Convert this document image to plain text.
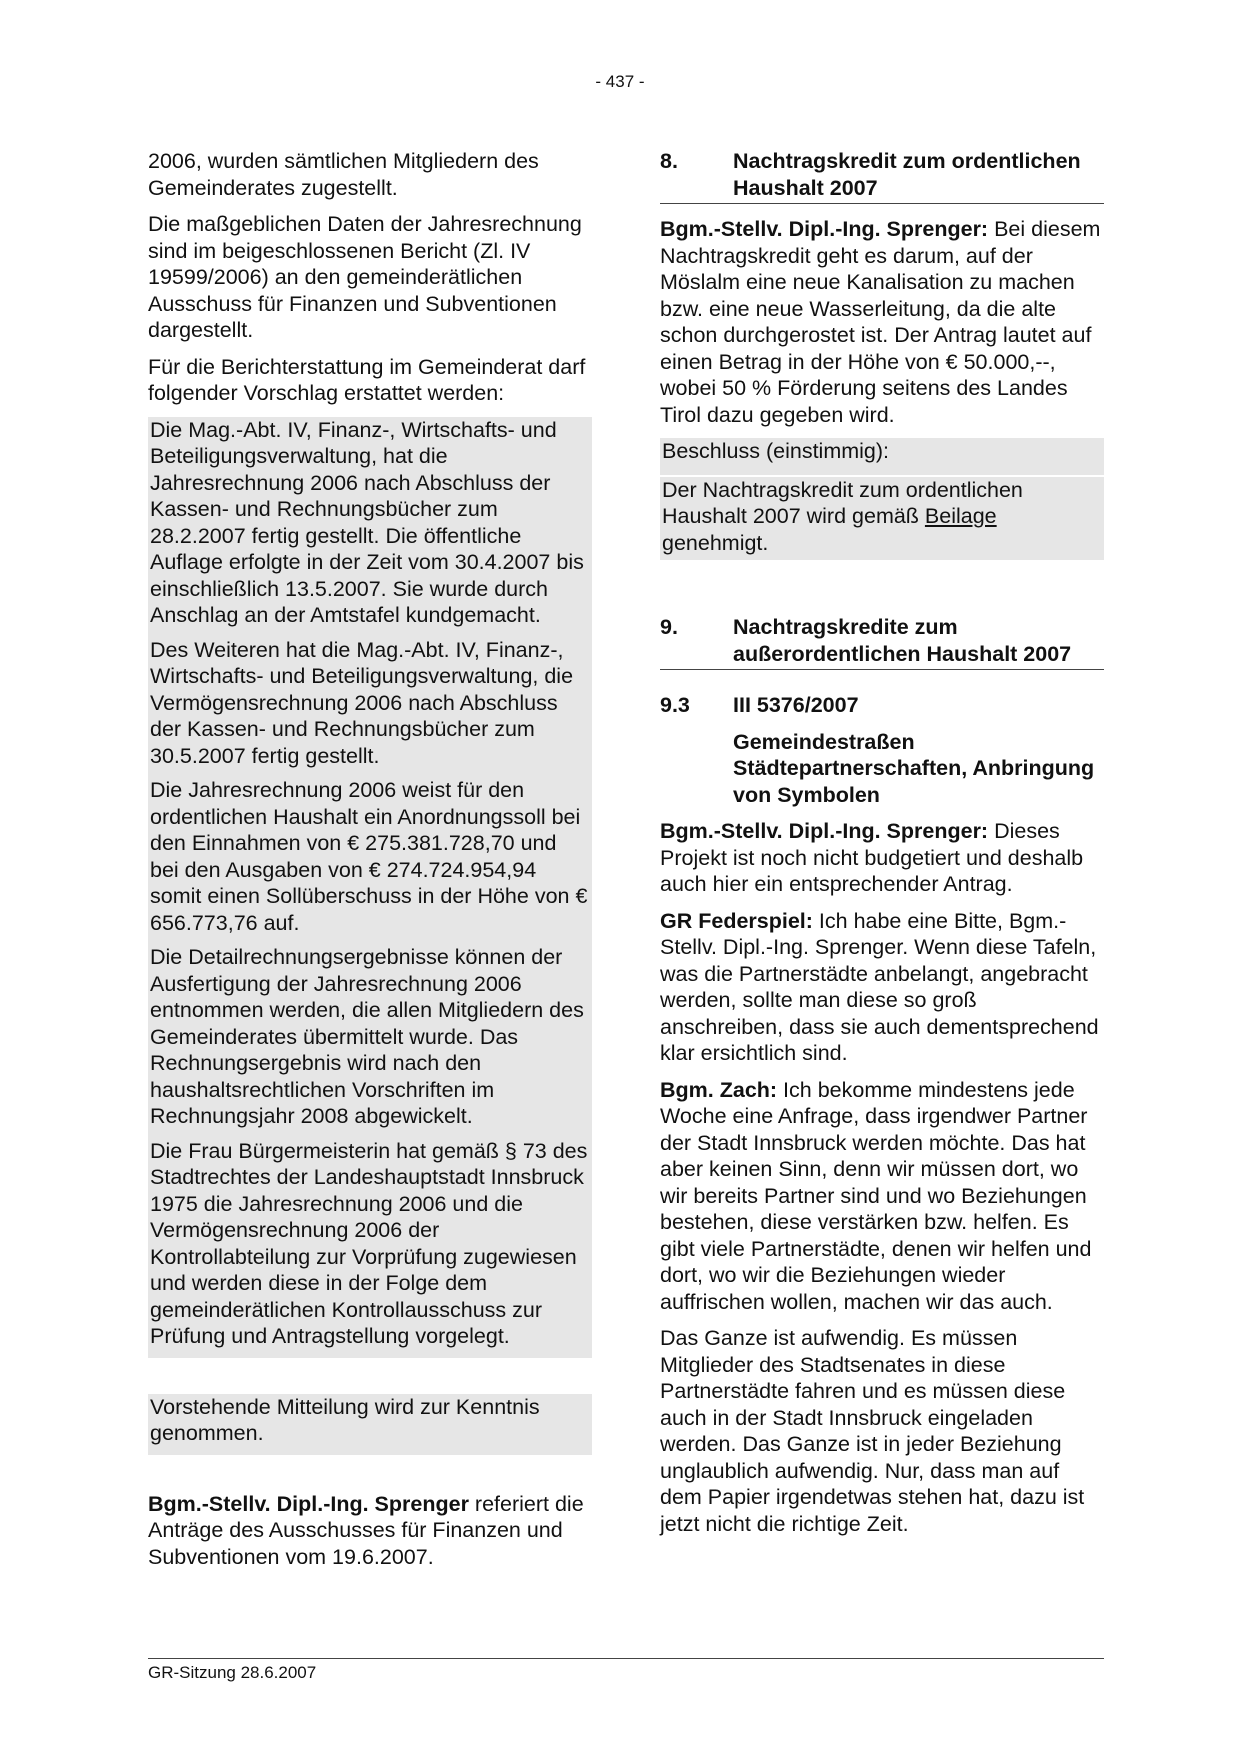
- 437 -

2006, wurden sämtlichen Mitgliedern des Gemeinderates zugestellt.

Die maßgeblichen Daten der Jahresrechnung sind im beigeschlossenen Bericht (Zl. IV 19599/2006) an den gemeinderätlichen Ausschuss für Finanzen und Subventionen dargestellt.

Für die Berichterstattung im Gemeinderat darf folgender Vorschlag erstattet werden:

Die Mag.-Abt. IV, Finanz-, Wirtschafts- und Beteiligungsverwaltung, hat die Jahresrechnung 2006 nach Abschluss der Kassen- und Rechnungsbücher zum 28.2.2007 fertig gestellt. Die öffentliche Auflage erfolgte in der Zeit vom 30.4.2007 bis einschließlich 13.5.2007. Sie wurde durch Anschlag an der Amtstafel kundgemacht.

Des Weiteren hat die Mag.-Abt. IV, Finanz-, Wirtschafts- und Beteiligungsverwaltung, die Vermögensrechnung 2006 nach Abschluss der Kassen- und Rechnungsbücher zum 30.5.2007 fertig gestellt.

Die Jahresrechnung 2006 weist für den ordentlichen Haushalt ein Anordnungssoll bei den Einnahmen von € 275.381.728,70 und bei den Ausgaben von € 274.724.954,94 somit einen Sollüberschuss in der Höhe von € 656.773,76 auf.

Die Detailrechnungsergebnisse können der Ausfertigung der Jahresrechnung 2006 entnommen werden, die allen Mitgliedern des Gemeinderates übermittelt wurde. Das Rechnungsergebnis wird nach den haushaltsrechtlichen Vorschriften im Rechnungsjahr 2008 abgewickelt.

Die Frau Bürgermeisterin hat gemäß § 73 des Stadtrechtes der Landeshauptstadt Innsbruck 1975 die Jahresrechnung 2006 und die Vermögensrechnung 2006 der Kontrollabteilung zur Vorprüfung zugewiesen und werden diese in der Folge dem gemeinderätlichen Kontrollausschuss zur Prüfung und Antragstellung vorgelegt.

Vorstehende Mitteilung wird zur Kenntnis genommen.

Bgm.-Stellv. Dipl.-Ing. Sprenger referiert die Anträge des Ausschusses für Finanzen und Subventionen vom 19.6.2007.

8.	Nachtragskredit zum ordentlichen Haushalt 2007

Bgm.-Stellv. Dipl.-Ing. Sprenger: Bei diesem Nachtragskredit geht es darum, auf der Möslalm eine neue Kanalisation zu machen bzw. eine neue Wasserleitung, da die alte schon durchgerostet ist. Der Antrag lautet auf einen Betrag in der Höhe von € 50.000,--, wobei 50 % Förderung seitens des Landes Tirol dazu gegeben wird.

Beschluss (einstimmig):

Der Nachtragskredit zum ordentlichen Haushalt 2007 wird gemäß Beilage genehmigt.

9.	Nachtragskredite zum außerordentlichen Haushalt 2007
9.3	III 5376/2007
Gemeindestraßen Städtepartnerschaften, Anbringung von Symbolen

Bgm.-Stellv. Dipl.-Ing. Sprenger: Dieses Projekt ist noch nicht budgetiert und deshalb auch hier ein entsprechender Antrag.

GR Federspiel: Ich habe eine Bitte, Bgm.-Stellv. Dipl.-Ing. Sprenger. Wenn diese Tafeln, was die Partnerstädte anbelangt, angebracht werden, sollte man diese so groß anschreiben, dass sie auch dementsprechend klar ersichtlich sind.

Bgm. Zach: Ich bekomme mindestens jede Woche eine Anfrage, dass irgendwer Partner der Stadt Innsbruck werden möchte. Das hat aber keinen Sinn, denn wir müssen dort, wo wir bereits Partner sind und wo Beziehungen bestehen, diese verstärken bzw. helfen. Es gibt viele Partnerstädte, denen wir helfen und dort, wo wir die Beziehungen wieder auffrischen wollen, machen wir das auch.

Das Ganze ist aufwendig. Es müssen Mitglieder des Stadtsenates in diese Partnerstädte fahren und es müssen diese auch in der Stadt Innsbruck eingeladen werden. Das Ganze ist in jeder Beziehung unglaublich aufwendig. Nur, dass man auf dem Papier irgendetwas stehen hat, dazu ist jetzt nicht die richtige Zeit.

GR-Sitzung 28.6.2007
